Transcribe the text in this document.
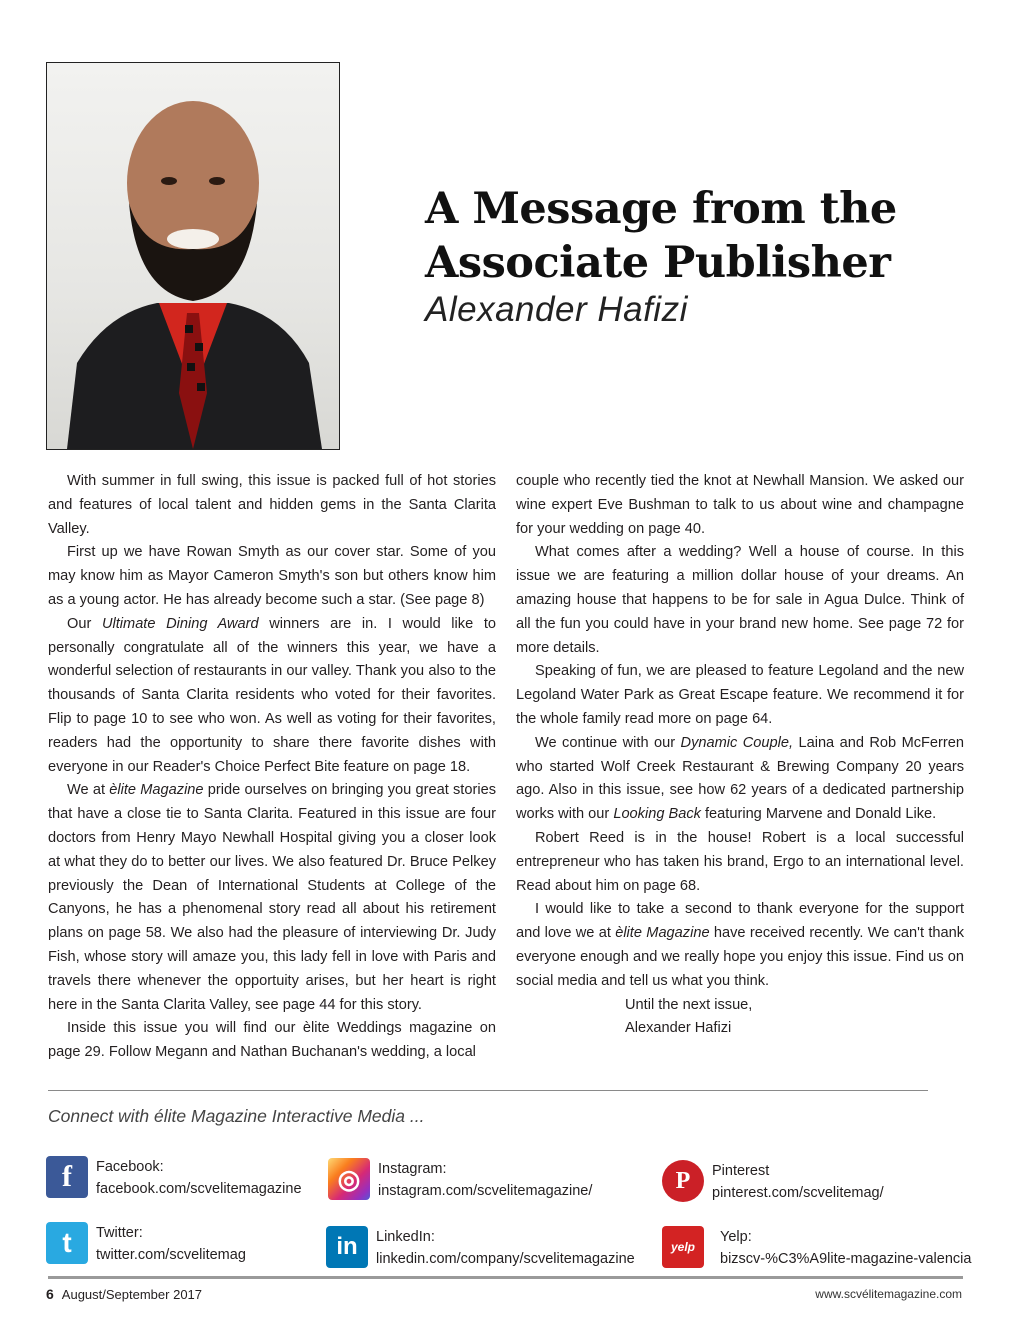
A Message from the
Associate Publisher
Alexander Hafizi

With summer in full swing, this issue is packed full of hot stories and features of local talent and hidden gems in the Santa Clarita Valley.

First up we have Rowan Smyth as our cover star. Some of you may know him as Mayor Cameron Smyth's son but others know him as a young actor. He has already become such a star. (See page 8)

Our Ultimate Dining Award winners are in. I would like to personally congratulate all of the winners this year, we have a wonderful selection of restaurants in our valley. Thank you also to the thousands of Santa Clarita residents who voted for their favorites. Flip to page 10 to see who won. As well as voting for their favorites, readers had the opportunity to share there favorite dishes with everyone in our Reader's Choice Perfect Bite feature on page 18.

We at èlite Magazine pride ourselves on bringing you great stories that have a close tie to Santa Clarita. Featured in this issue are four doctors from Henry Mayo Newhall Hospital giving you a closer look at what they do to better our lives. We also featured Dr. Bruce Pelkey previously the Dean of International Students at College of the Canyons, he has a phenomenal story read all about his retirement plans on page 58. We also had the pleasure of interviewing Dr. Judy Fish, whose story will amaze you, this lady fell in love with Paris and travels there whenever the opportuity arises, but her heart is right here in the Santa Clarita Valley, see page 44 for this story.

Inside this issue you will find our èlite Weddings magazine on page 29. Follow Megann and Nathan Buchanan's wedding, a local

couple who recently tied the knot at Newhall Mansion. We asked our wine expert Eve Bushman to talk to us about wine and champagne for your wedding on page 40.

What comes after a wedding? Well a house of course. In this issue we are featuring a million dollar house of your dreams. An amazing house that happens to be for sale in Agua Dulce. Think of all the fun you could have in your brand new home. See page 72 for more details.

Speaking of fun, we are pleased to feature Legoland and the new Legoland Water Park as Great Escape feature. We recommend it for the whole family read more on page 64.

We continue with our Dynamic Couple, Laina and Rob McFerren who started Wolf Creek Restaurant & Brewing Company 20 years ago. Also in this issue, see how 62 years of a dedicated partnership works with our Looking Back featuring Marvene and Donald Like.

Robert Reed is in the house! Robert is a local successful entrepreneur who has taken his brand, Ergo to an international level. Read about him on page 68.

I would like to take a second to thank everyone for the support and love we at èlite Magazine have received recently. We can't thank everyone enough and we really hope you enjoy this issue. Find us on social media and tell us what you think.

Until the next issue,

Alexander Hafizi

Connect with élite Magazine Interactive Media ...
f	Facebook:
facebook.com/scvelitemagazine	◎	Instagram:
instagram.com/scvelitemagazine/	P	Pinterest
pinterest.com/scvelitemag/
t	Twitter:
twitter.com/scvelitemag	in	LinkedIn:
linkedin.com/company/scvelitemagazine
yelp
Yelp:
bizscv-%C3%A9lite-magazine-valencia
6 August/September 2017	www.scvélitemagazine.com
